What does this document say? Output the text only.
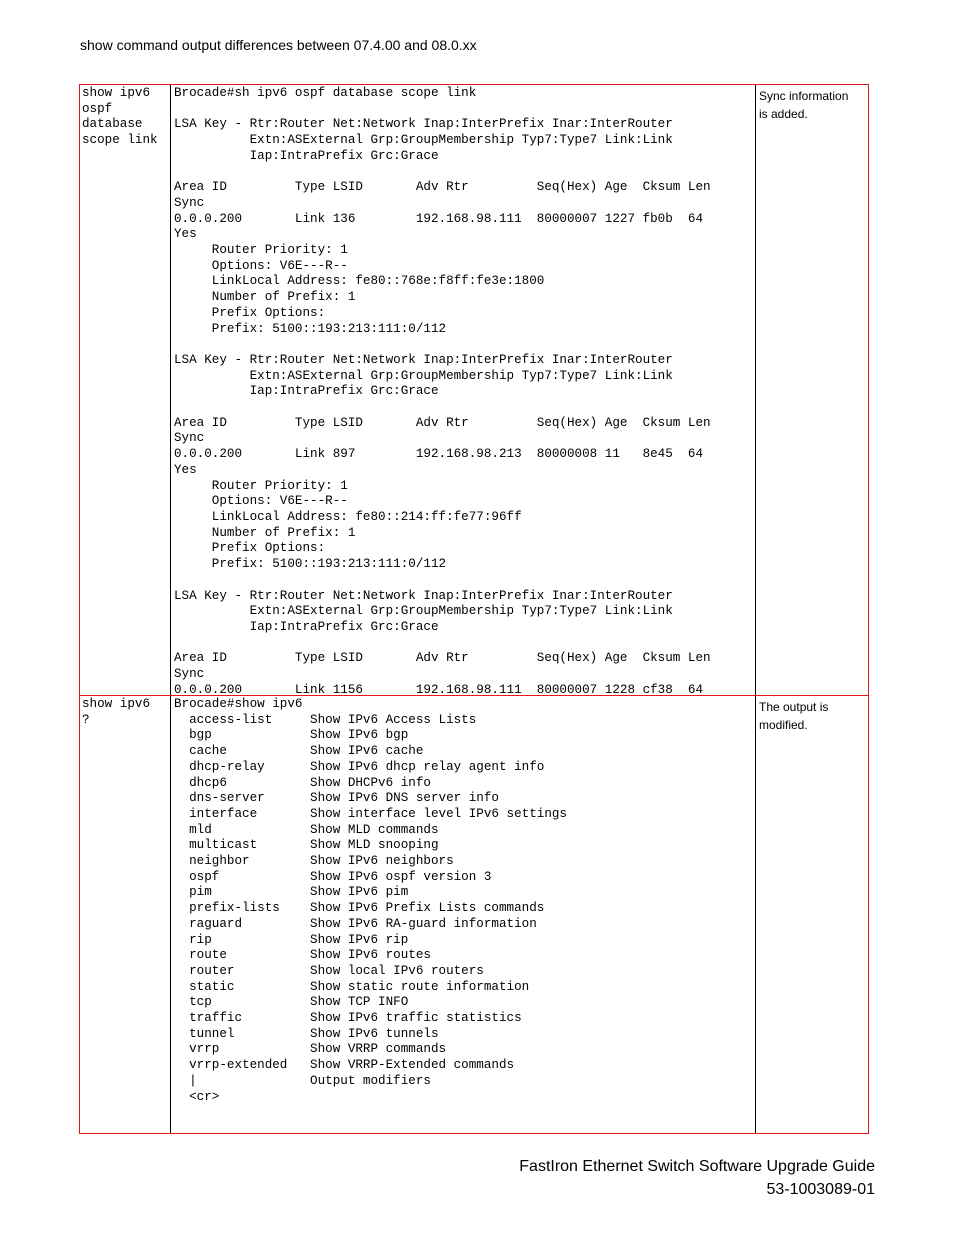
show command output differences between 07.4.00 and 08.0.xx
show ipv6
ospf
database
scope link
Brocade#sh ipv6 ospf database scope link

LSA Key - Rtr:Router Net:Network Inap:InterPrefix Inar:InterRouter
Extn:ASExternal Grp:GroupMembership Typ7:Type7 Link:Link
Iap:IntraPrefix Grc:Grace

Area ID         Type LSID       Adv Rtr         Seq(Hex) Age  Cksum Len
Sync
0.0.0.200       Link 136        192.168.98.111  80000007 1227 fb0b  64
Yes
Router Priority: 1
Options: V6E---R--
LinkLocal Address: fe80::768e:f8ff:fe3e:1800
Number of Prefix: 1
Prefix Options:
Prefix: 5100::193:213:111:0/112

LSA Key - Rtr:Router Net:Network Inap:InterPrefix Inar:InterRouter
Extn:ASExternal Grp:GroupMembership Typ7:Type7 Link:Link
Iap:IntraPrefix Grc:Grace

Area ID         Type LSID       Adv Rtr         Seq(Hex) Age  Cksum Len
Sync
0.0.0.200       Link 897        192.168.98.213  80000008 11   8e45  64
Yes
Router Priority: 1
Options: V6E---R--
LinkLocal Address: fe80::214:ff:fe77:96ff
Number of Prefix: 1
Prefix Options:
Prefix: 5100::193:213:111:0/112

LSA Key - Rtr:Router Net:Network Inap:InterPrefix Inar:InterRouter
Extn:ASExternal Grp:GroupMembership Typ7:Type7 Link:Link
Iap:IntraPrefix Grc:Grace

Area ID         Type LSID       Adv Rtr         Seq(Hex) Age  Cksum Len
Sync
0.0.0.200       Link 1156       192.168.98.111  80000007 1228 cf38  64
Sync information
is added.
show ipv6
?
Brocade#show ipv6
access-list     Show IPv6 Access Lists
bgp             Show IPv6 bgp
cache           Show IPv6 cache
dhcp-relay      Show IPv6 dhcp relay agent info
dhcp6           Show DHCPv6 info
dns-server      Show IPv6 DNS server info
interface       Show interface level IPv6 settings
mld             Show MLD commands
multicast       Show MLD snooping
neighbor        Show IPv6 neighbors
ospf            Show IPv6 ospf version 3
pim             Show IPv6 pim
prefix-lists    Show IPv6 Prefix Lists commands
raguard         Show IPv6 RA-guard information
rip             Show IPv6 rip
route           Show IPv6 routes
router          Show local IPv6 routers
static          Show static route information
tcp             Show TCP INFO
traffic         Show IPv6 traffic statistics
tunnel          Show IPv6 tunnels
vrrp            Show VRRP commands
vrrp-extended   Show VRRP-Extended commands
|               Output modifiers
<cr>
The output is
modified.
FastIron Ethernet Switch Software Upgrade Guide
53-1003089-01
